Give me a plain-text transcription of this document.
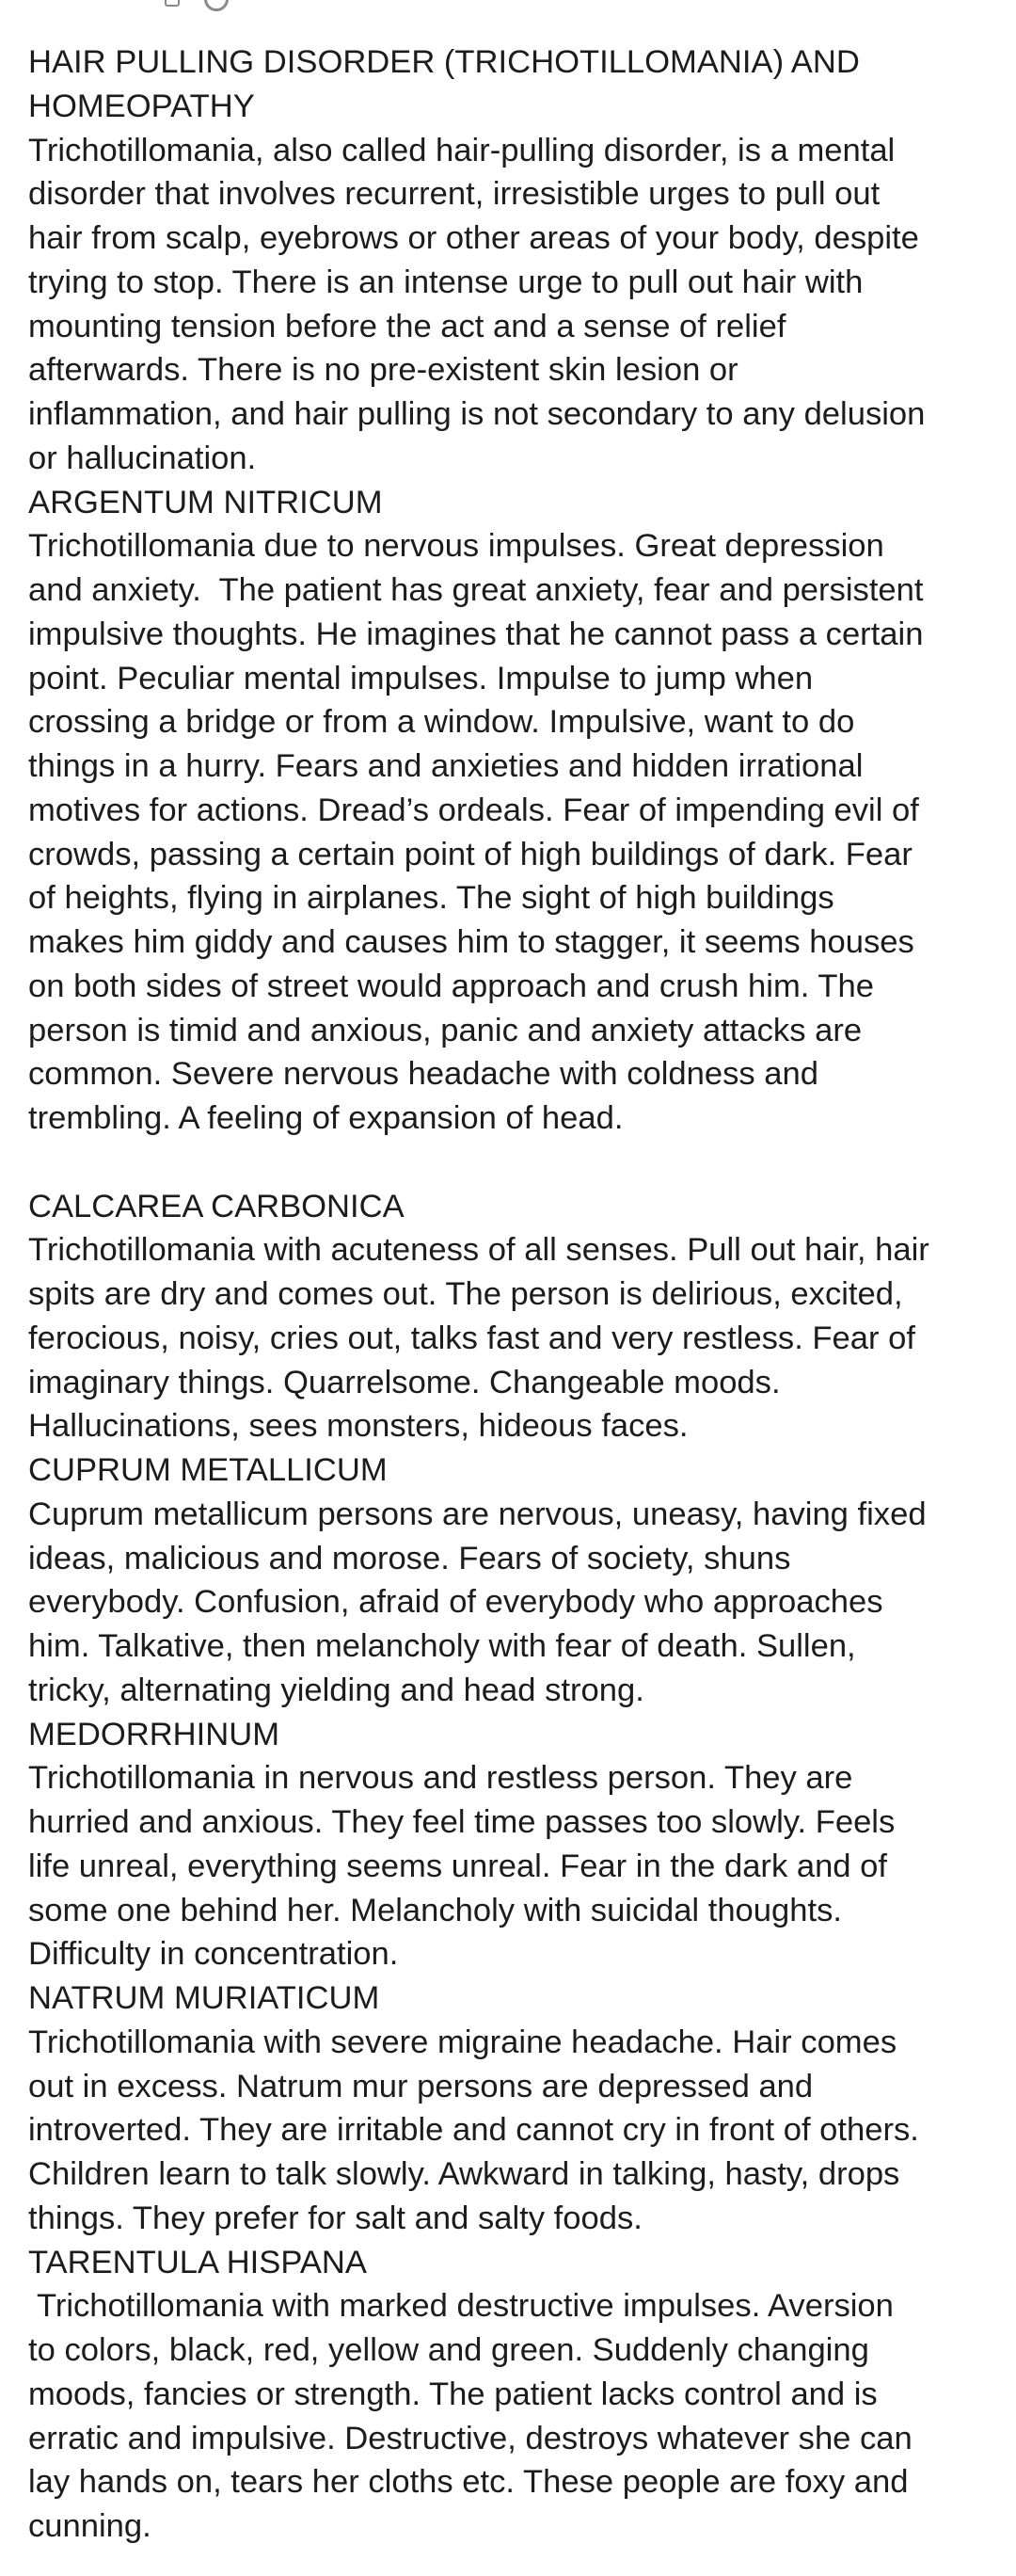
HAIR PULLING DISORDER (TRICHOTILLOMANIA) AND

HOMEOPATHY

Trichotillomania, also called hair-pulling disorder, is a mental

disorder that involves recurrent, irresistible urges to pull out

hair from scalp, eyebrows or other areas of your body, despite

trying to stop. There is an intense urge to pull out hair with

mounting tension before the act and a sense of relief

afterwards. There is no pre-existent skin lesion or

inflammation, and hair pulling is not secondary to any delusion

or hallucination.

ARGENTUM NITRICUM

Trichotillomania due to nervous impulses. Great depression

and anxiety.  The patient has great anxiety, fear and persistent

impulsive thoughts. He imagines that he cannot pass a certain

point. Peculiar mental impulses. Impulse to jump when

crossing a bridge or from a window. Impulsive, want to do

things in a hurry. Fears and anxieties and hidden irrational

motives for actions. Dread’s ordeals. Fear of impending evil of

crowds, passing a certain point of high buildings of dark. Fear

of heights, flying in airplanes. The sight of high buildings

makes him giddy and causes him to stagger, it seems houses

on both sides of street would approach and crush him. The

person is timid and anxious, panic and anxiety attacks are

common. Severe nervous headache with coldness and

trembling. A feeling of expansion of head.

CALCAREA CARBONICA

Trichotillomania with acuteness of all senses. Pull out hair, hair

spits are dry and comes out. The person is delirious, excited,

ferocious, noisy, cries out, talks fast and very restless. Fear of

imaginary things. Quarrelsome. Changeable moods.

Hallucinations, sees monsters, hideous faces.

CUPRUM METALLICUM

Cuprum metallicum persons are nervous, uneasy, having fixed

ideas, malicious and morose. Fears of society, shuns

everybody. Confusion, afraid of everybody who approaches

him. Talkative, then melancholy with fear of death. Sullen,

tricky, alternating yielding and head strong.

MEDORRHINUM

Trichotillomania in nervous and restless person. They are

hurried and anxious. They feel time passes too slowly. Feels

life unreal, everything seems unreal. Fear in the dark and of

some one behind her. Melancholy with suicidal thoughts.

Difficulty in concentration.

NATRUM MURIATICUM

Trichotillomania with severe migraine headache. Hair comes

out in excess. Natrum mur persons are depressed and

introverted. They are irritable and cannot cry in front of others.

Children learn to talk slowly. Awkward in talking, hasty, drops

things. They prefer for salt and salty foods.

TARENTULA HISPANA

Trichotillomania with marked destructive impulses. Aversion

to colors, black, red, yellow and green. Suddenly changing

moods, fancies or strength. The patient lacks control and is

erratic and impulsive. Destructive, destroys whatever she can

lay hands on, tears her cloths etc. These people are foxy and

cunning.
